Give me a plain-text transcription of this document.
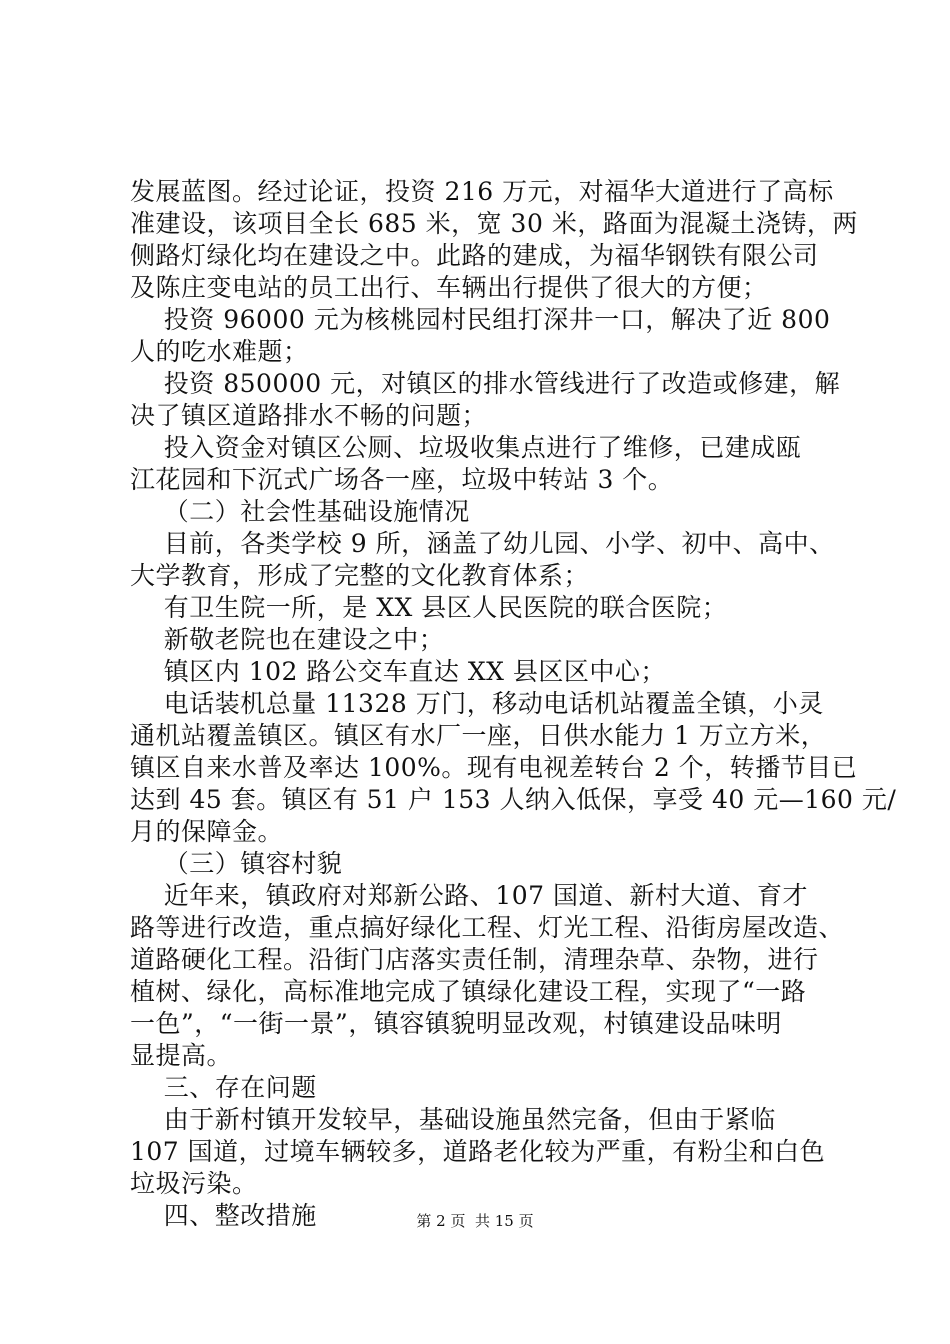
发展蓝图。经过论证，投资 216 万元，对福华大道进行了高标
准建设，该项目全长 685 米，宽 30 米，路面为混凝土浇铸，两
侧路灯绿化均在建设之中。此路的建成，为福华钢铁有限公司
及陈庄变电站的员工出行、车辆出行提供了很大的方便；
投资 96000 元为核桃园村民组打深井一口，解决了近 800
人的吃水难题；
投资 850000 元，对镇区的排水管线进行了改造或修建，解
决了镇区道路排水不畅的问题；
投入资金对镇区公厕、垃圾收集点进行了维修，已建成瓯
江花园和下沉式广场各一座，垃圾中转站 3 个。
（二）社会性基础设施情况
目前，各类学校 9 所，涵盖了幼儿园、小学、初中、高中、
大学教育，形成了完整的文化教育体系；
有卫生院一所，是 XX 县区人民医院的联合医院；
新敬老院也在建设之中；
镇区内 102 路公交车直达 XX 县区区中心；
电话装机总量 11328 万门，移动电话机站覆盖全镇，小灵
通机站覆盖镇区。镇区有水厂一座，日供水能力 1 万立方米，
镇区自来水普及率达 100%。现有电视差转台 2 个，转播节目已
达到 45 套。镇区有 51 户 153 人纳入低保，享受 40 元—160 元/
月的保障金。
（三）镇容村貌
近年来，镇政府对郑新公路、107 国道、新村大道、育才
路等进行改造，重点搞好绿化工程、灯光工程、沿街房屋改造、
道路硬化工程。沿街门店落实责任制，清理杂草、杂物，进行
植树、绿化，高标准地完成了镇绿化建设工程，实现了“一路
一色”，“一街一景”，镇容镇貌明显改观，村镇建设品味明
显提高。
三、存在问题
由于新村镇开发较早，基础设施虽然完备，但由于紧临
107 国道，过境车辆较多，道路老化较为严重，有粉尘和白色
垃圾污染。
四、整改措施	第 2 页  共 15 页
